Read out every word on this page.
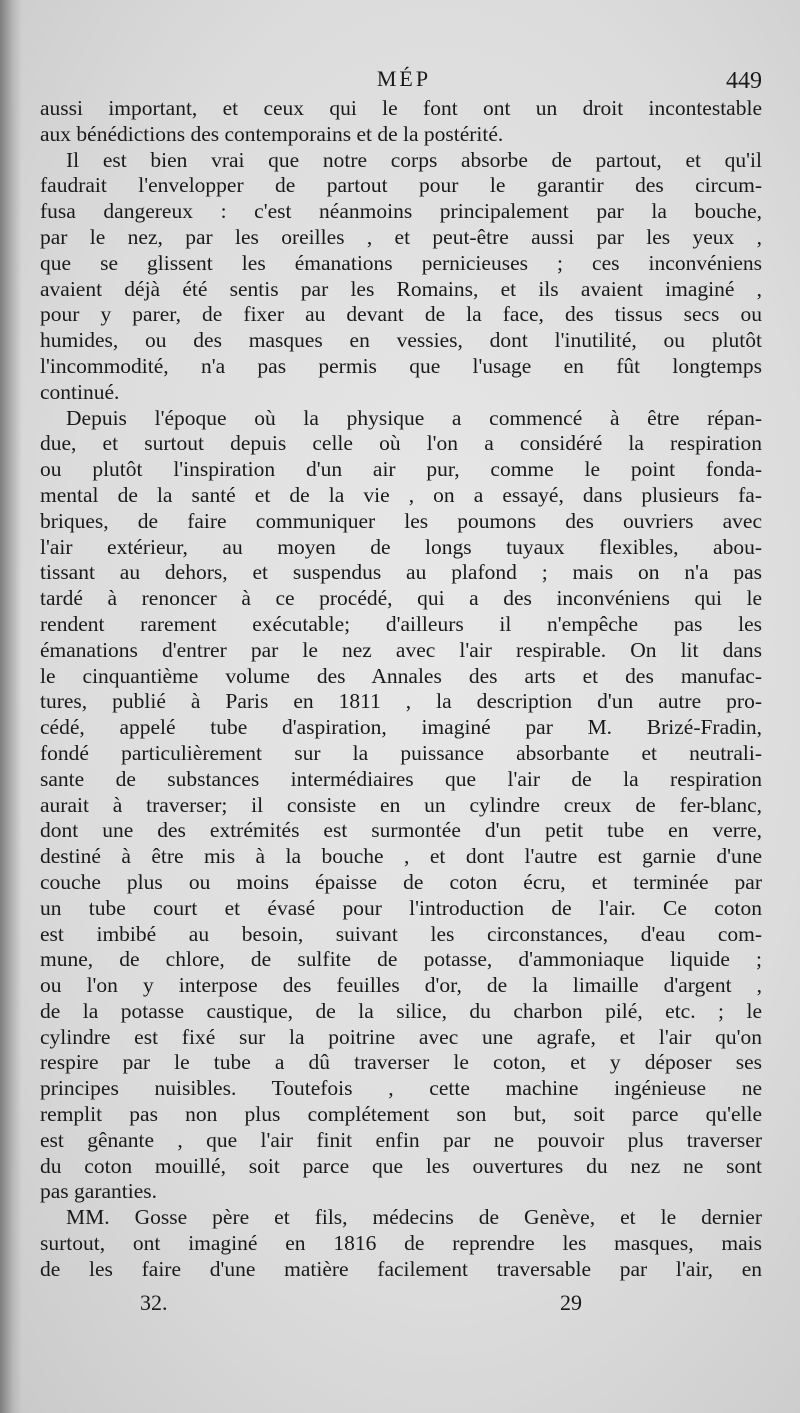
MÉP	449
aussi important, et ceux qui le font ont un droit incontestable
aux bénédictions des contemporains et de la postérité.
Il est bien vrai que notre corps absorbe de partout, et qu'il
faudrait l'envelopper de partout pour le garantir des circum-
fusa dangereux : c'est néanmoins principalement par la bouche,
par le nez, par les oreilles , et peut-être aussi par les yeux ,
que se glissent les émanations pernicieuses ; ces inconvéniens
avaient déjà été sentis par les Romains, et ils avaient imaginé ,
pour y parer, de fixer au devant de la face, des tissus secs ou
humides, ou des masques en vessies, dont l'inutilité, ou plutôt
l'incommodité, n'a pas permis que l'usage en fût longtemps
continué.
Depuis l'époque où la physique a commencé à être répan-
due, et surtout depuis celle où l'on a considéré la respiration
ou plutôt l'inspiration d'un air pur, comme le point fonda-
mental de la santé et de la vie , on a essayé, dans plusieurs fa-
briques, de faire communiquer les poumons des ouvriers avec
l'air extérieur, au moyen de longs tuyaux flexibles, abou-
tissant au dehors, et suspendus au plafond ; mais on n'a pas
tardé à renoncer à ce procédé, qui a des inconvéniens qui le
rendent rarement exécutable; d'ailleurs il n'empêche pas les
émanations d'entrer par le nez avec l'air respirable. On lit dans
le cinquantième volume des Annales des arts et des manufac-
tures, publié à Paris en 1811 , la description d'un autre pro-
cédé, appelé tube d'aspiration, imaginé par M. Brizé-Fradin,
fondé particulièrement sur la puissance absorbante et neutrali-
sante de substances intermédiaires que l'air de la respiration
aurait à traverser; il consiste en un cylindre creux de fer-blanc,
dont une des extrémités est surmontée d'un petit tube en verre,
destiné à être mis à la bouche , et dont l'autre est garnie d'une
couche plus ou moins épaisse de coton écru, et terminée par
un tube court et évasé pour l'introduction de l'air. Ce coton
est imbibé au besoin, suivant les circonstances, d'eau com-
mune, de chlore, de sulfite de potasse, d'ammoniaque liquide ;
ou l'on y interpose des feuilles d'or, de la limaille d'argent ,
de la potasse caustique, de la silice, du charbon pilé, etc. ; le
cylindre est fixé sur la poitrine avec une agrafe, et l'air qu'on
respire par le tube a dû traverser le coton, et y déposer ses
principes nuisibles. Toutefois , cette machine ingénieuse ne
remplit pas non plus complétement son but, soit parce qu'elle
est gênante , que l'air finit enfin par ne pouvoir plus traverser
du coton mouillé, soit parce que les ouvertures du nez ne sont
pas garanties.
MM. Gosse père et fils, médecins de Genève, et le dernier
surtout, ont imaginé en 1816 de reprendre les masques, mais
de les faire d'une matière facilement traversable par l'air, en
32.	29
